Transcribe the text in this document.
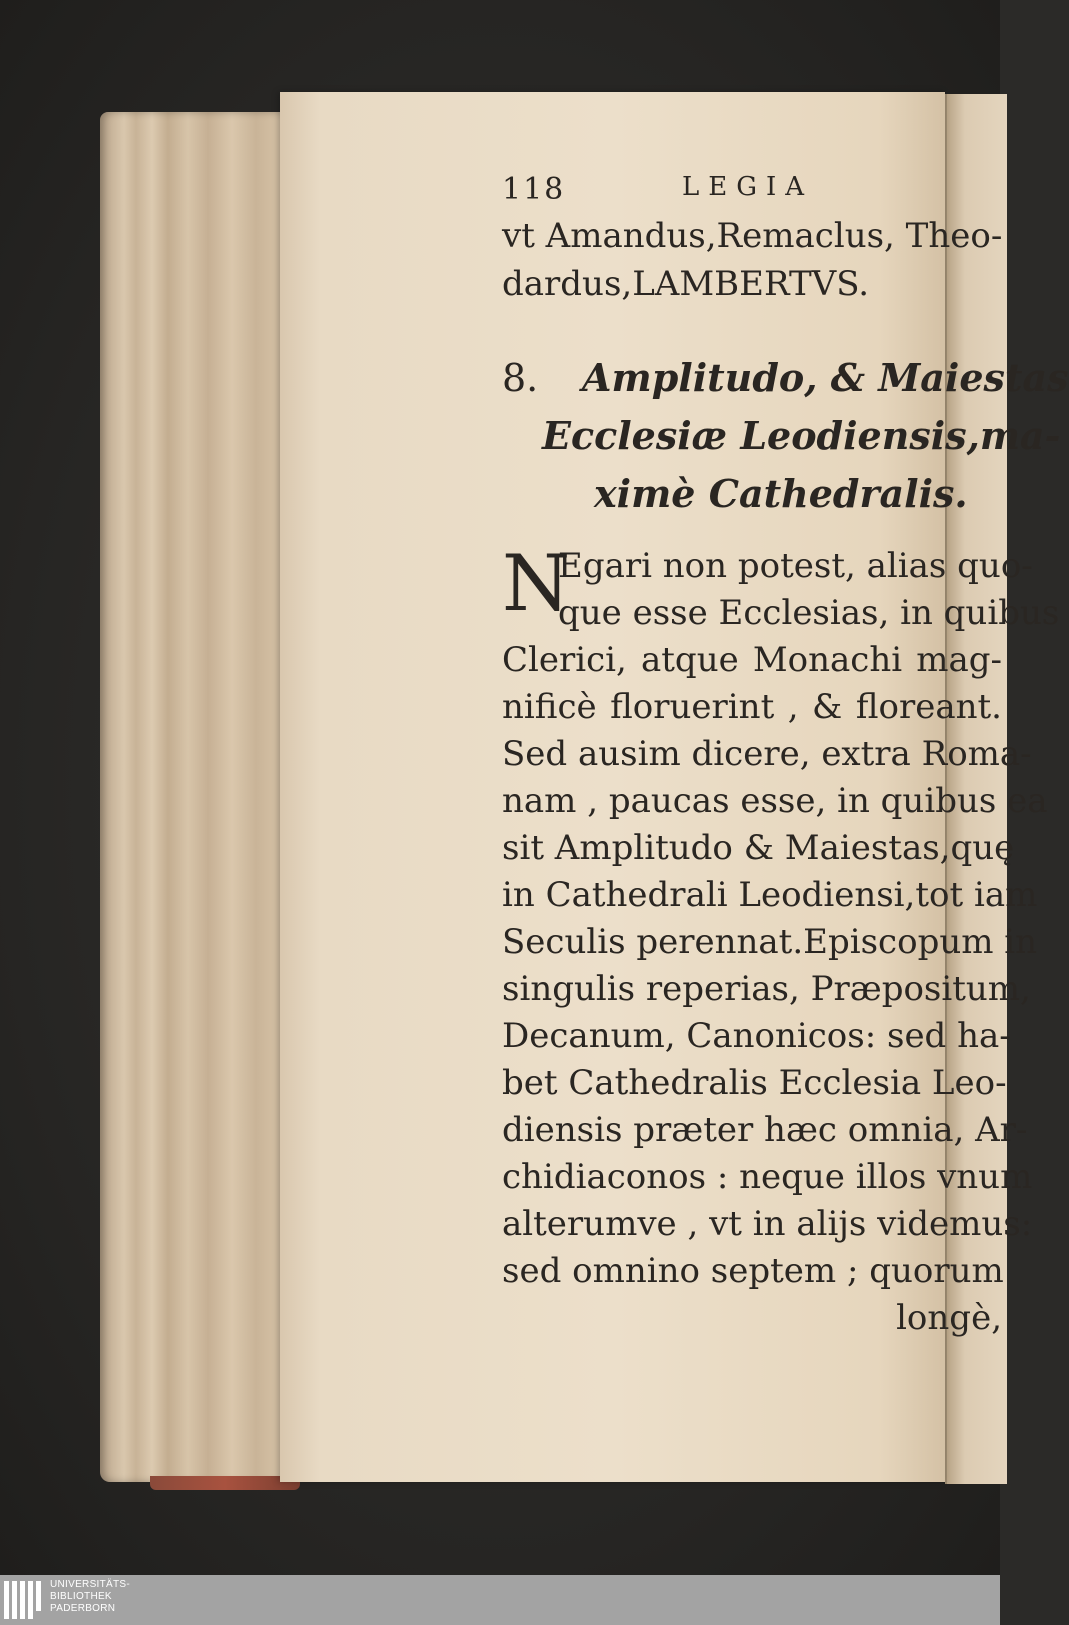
118	LEGIA
vt Amandus,Remaclus, Theo-
dardus,LAMBERTVS.
8. Amplitudo, & Maiestas
Ecclesiæ Leodiensis,ma-
ximè Cathedralis.
N
Egari non potest, alias quo-
que esse Ecclesias, in quibus
Clerici, atque Monachi mag-
nificè floruerint , & floreant.
Sed ausim dicere, extra Roma-
nam , paucas esse, in quibus ea
sit Amplitudo & Maiestas,quę
in Cathedrali Leodiensi,tot iam
Seculis perennat.Episcopum in
singulis reperias, Præpositum,
Decanum, Canonicos: sed ha-
bet Cathedralis Ecclesia Leo-
diensis præter hæc omnia, Ar-
chidiaconos : neque illos vnum
alterumve , vt in alijs videmus:
sed omnino septem ; quorum
longè,
UNIVERSITÄTS-
BIBLIOTHEK
PADERBORN
